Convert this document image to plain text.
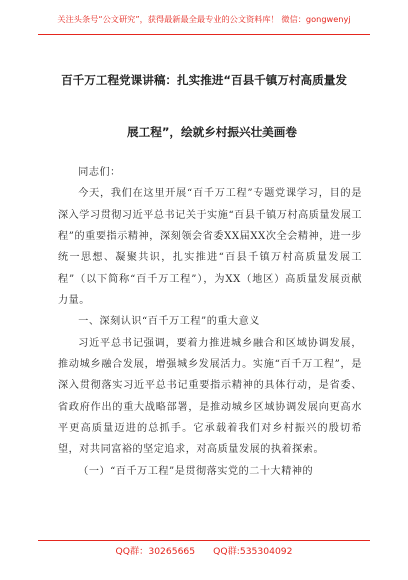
关注头条号“公文研究”，获得最新最全最专业的公文资料库！ 微信：gongwenyj
百千万工程党课讲稿：扎实推进“百县千镇万村高质量发
展工程”，绘就乡村振兴壮美画卷

同志们：

今天，我们在这里开展“百千万工程”专题党课学习，目的是深入学习贯彻习近平总书记关于实施“百县千镇万村高质量发展工程”的重要指示精神，深刻领会省委XX届XX次全会精神，进一步统一思想、凝聚共识，扎实推进“百县千镇万村高质量发展工程”（以下简称“百千万工程”），为XX（地区）高质量发展贡献力量。

一、深刻认识“百千万工程”的重大意义

习近平总书记强调，要着力推进城乡融合和区域协调发展，推动城乡融合发展，增强城乡发展活力。实施“百千万工程”，是深入贯彻落实习近平总书记重要指示精神的具体行动，是省委、省政府作出的重大战略部署，是推动城乡区域协调发展向更高水平更高质量迈进的总抓手。它承载着我们对乡村振兴的殷切希望，对共同富裕的坚定追求，对高质量发展的执着探索。

（一）“百千万工程”是贯彻落实党的二十大精神的

QQ群：30265665 QQ群:535304092
